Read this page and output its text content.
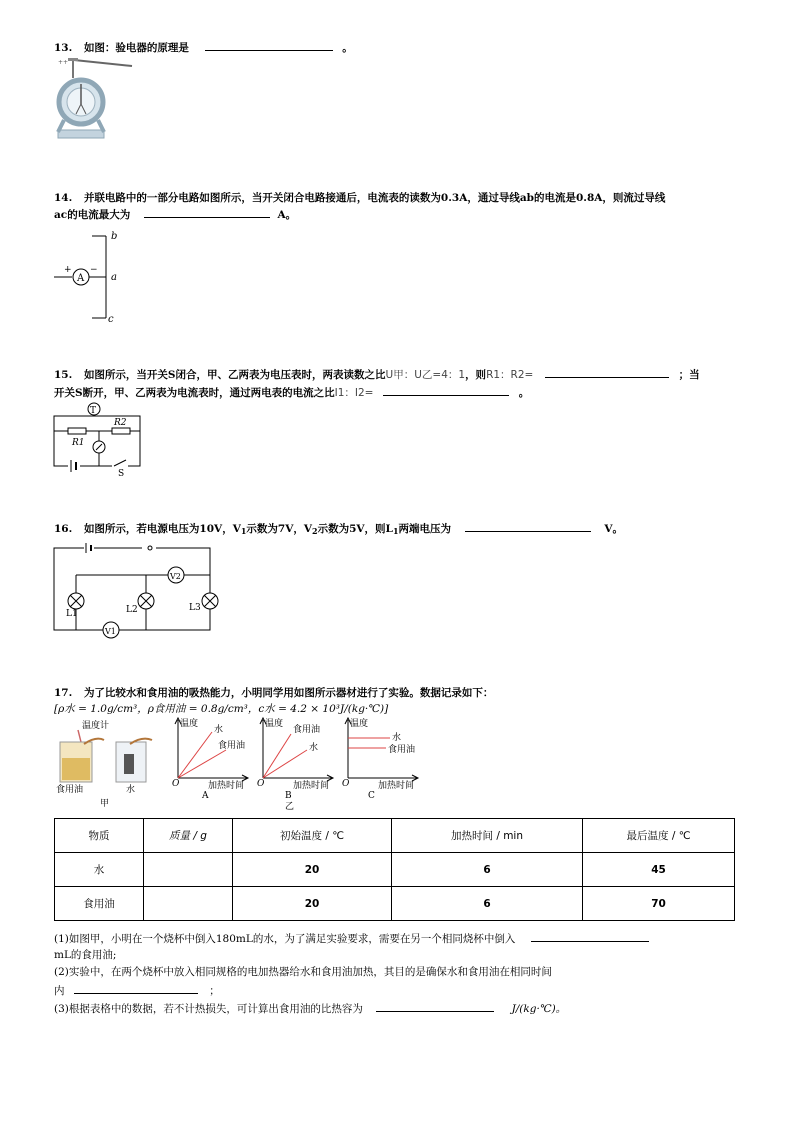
13. 如图：验电器的原理是	。
++
14. 并联电路中的一部分电路如图所示，当开关闭合电路接通后，电流表的读数为0.3A，通过导线ab的电流是0.8A，则流过导线
ac的电流最大为	A。
A
+ −
b
a
c
15. 如图所示，当开关S闭合，甲、乙两表为电压表时，两表读数之比U甲：U乙=4：1，则R1：R2=	；当
开关S断开，甲、乙两表为电流表时，通过两电表的电流之比I1：I2=	。
T
R1
R2
S
16. 如图所示，若电源电压为10V，V1示数为7V，V2示数为5V，则L1两端电压为	V。
V2
V1
L1	L2	L3
17. 为了比较水和食用油的吸热能力，小明同学用如图所示器材进行了实验。数据记录如下：
[ρ水 = 1.0g/cm³，ρ食用油 = 0.8g/cm³，c水 = 4.2 × 10³J/(kg·℃)]
温度计
食用油	水
甲
温度
水
食用油
O	加热时间
A
温度
食用油
水
O	加热时间
B
乙
温度
水
食用油
O	加热时间
C
物质	质量 / g	初始温度 / ℃	加热时间 / min	最后温度 / ℃
水		20	6	45
食用油		20	6	70
(1)如图甲，小明在一个烧杯中倒入180mL的水，为了满足实验要求，需要在另一个相同烧杯中倒入
mL的食用油;
(2)实验中，在两个烧杯中放入相同规格的电加热器给水和食用油加热，其目的是确保水和食用油在相同时间
内	；
(3)根据表格中的数据，若不计热损失，可计算出食用油的比热容为	J/(kg·℃)。
